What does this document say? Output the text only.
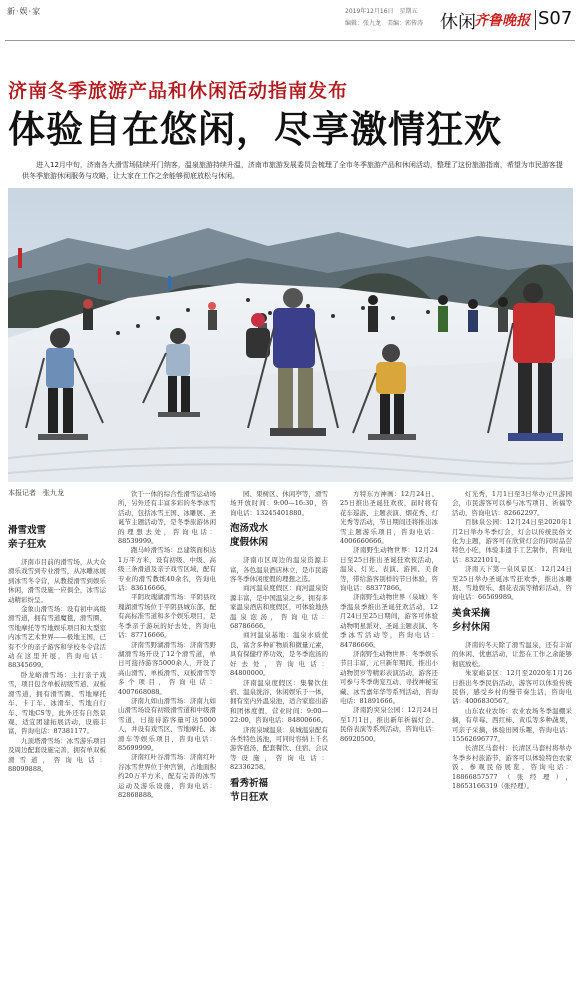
新·娱·家	2019年12月16日　星期五
编辑：张九龙　美编：郭传涛 休闲
齐鲁晚报 S07
济南冬季旅游产品和休闲活动指南发布
体验自在悠闲，尽享激情狂欢
进入12月中旬，济南各大滑雪场陆续开门纳客，温泉旅游持续升温，济南市旅游发展委员会梳理了全市冬季旅游产品和休闲活动，整理了这份旅游指南，希望为市民游客提供冬季旅游休闲服务与攻略，让大家在工作之余能够彻底放松与休闲。
本报记者　张九龙
滑雪戏雪
亲子狂欢

济南市目前的滑雪场，从大众滑乐戏雪到专业滑雪，从冰雕冰展到冰雪冬令营，从教授滑雪到娱乐休闲，滑雪设施一应俱全，冰雪运动精彩纷呈。

金象山滑雪场：设有初中高级滑雪道，拥有雪道魔毯，滑雪圈、雪地摩托等雪地娱乐项目和大型室内冰雪艺术世界——极地王国，已有不少的亲子游客和学校冬令营活动在这里开展，咨询电话：88345699。

卧龙峪滑雪场：主打亲子戏雪，项目包含单板初级雪道、双板滑雪道，拥有滑雪圈、雪地摩托车、卡丁车、冰滑车、雪地自行车、雪地CS等，此外还有自然景观，适宜团建拓展活动，设施丰富，咨询电话：87381177。

九顶塔滑雪场：冰雪游乐项目及周边配套设施完善，拥有单双板滑雪道，咨询电话：88099888。

饮于一体的综合性滑雪运动场所，另外还有丰富多彩的冬季冰雪活动，包括冰雪王国、冰雕展、圣诞节主题活动等，是冬季旅游休闲的理想去处，咨询电话：88539999。

跑马岭滑雪场：总建筑面积达1万平方米，设有初级、中级、高级三条滑道及亲子戏雪区域，配有专业的滑雪教练40余名，咨询电话：83616666。

平阴玫瑰湖滑雪场：平阴县玫瑰湖滑雪场位于平阴县城东部，配有高标准雪道和多个娱乐项目，是冬季亲子游玩的好去处，咨询电话：87716666。

济南雪野湖滑雪场：济南雪野湖滑雪场开设了12个滑雪道，单日可接待游客5000余人，开设了高山滑雪、单板滑雪、双板滑雪等多个项目，咨询电话：4007668088。

济南九如山滑雪场：济南九如山滑雪场设有初级滑雪道和中级滑雪道，日接待游客量可达5000人，并设有戏雪区、雪地摩托、冰滑车等娱乐项目，咨询电话：85699999。

济南红叶谷滑雪场：济南红叶谷冰雪世界位于仲宫镇，占地面积约20万平方米，配有完善的冰雪运动及游乐设施，咨询电话：82868888。

园、果树区、休闲亭等，滑雪场开放时间：9:00—16:30，咨询电话：13245401880。

泡汤戏水
度假休闲

济南市区周边的温泉资源丰富，各色温泉酒店林立，是市民游客冬季休闲度假的理想之选。

商河温泉度假区：商河温泉资源丰富，是中国温泉之乡，拥有多家温泉酒店和度假区，可体验地热温泉泡汤，咨询电话：68786666。

商河温泉基地：温泉水质优良，富含多种矿物质和微量元素，具有保健疗养功效，是冬季泡汤的好去处，咨询电话：84800000。

济南温泉度假区：集餐饮住宿、温泉洗浴、休闲娱乐于一体，拥有室内外温泉池，适合家庭出游和团体度假，营业时间：9:00—22:00，咨询电话：84800666。

济南泉城温泉：泉城温泉配有各类特色汤池，可同时容纳上千名游客泡汤，配套餐饮、住宿、会议等设施，咨询电话：82336258。

看秀祈福
节日狂欢

方特东方神画：12月24日、25日推出圣诞狂欢夜，届时将有花车巡游、主题表演、烟花秀、灯光秀等活动，节日期间还将推出冰雪主题游乐项目，咨询电话：4006660666。

济南野生动物世界：12月24日至25日推出圣诞狂欢夜活动，温泉、灯光、表演、游园、美食等，带给游客别样的节日体验，咨询电话：88377866。

济南野生动物世界（泉城）冬季温泉季推出圣诞狂欢活动，12月24日至25日期间，游客可体验动物明星派对、圣诞主题表演、冬季冰雪活动等，咨询电话：84786666。

济南野生动物世界：冬季娱乐节目丰富，元旦新年期间，推出小动物贺岁等精彩表演活动，游客还可参与冬季萌宠互动、寻找神秘宝藏、冰雪嘉年华等系列活动，咨询电话：81891666。

济南趵突泉公园：12月24日至1月1日，推出新年祈福灯会、民俗表演等系列活动，咨询电话：86920500。

灯光秀，1月1日至3日举办元旦游园会，市民游客可以参与冰雪项目、祈福等活动，咨询电话：82662297。

百脉泉公园：12月24日至2020年1月2日举办冬季灯会，灯会以传统民俗文化为主题，游客可在欣赏灯会的同时品尝特色小吃，体验非遗手工艺制作，咨询电话：83221011。

济南天下第一泉风景区：12月24日至25日举办圣诞冰雪狂欢季，推出冰雕展、雪地娱乐、烟花表演等精彩活动，咨询电话：66569989。

美食采摘
乡村休闲

济南的冬天除了滑雪温泉，还有丰富的休闲、优惠活动，让您在工作之余能够彻底放松。

朱家峪景区：12月至2020年1月26日推出冬季民俗活动，游客可以体验传统民俗，感受乡村的慢节奏生活，咨询电话：4006830567。

山东农业农场：农业农场冬季温棚采摘，有草莓、西红柿、黄瓜等多种蔬果，可亲子采摘，体验田园乐趣，咨询电话：15562696777。

长清区马套村：长清区马套村将举办冬季乡村旅游节，游客可以体验特色农家饭、参观民俗展览，咨询电话：18866857577（张经理），18653166319（张经理）。
